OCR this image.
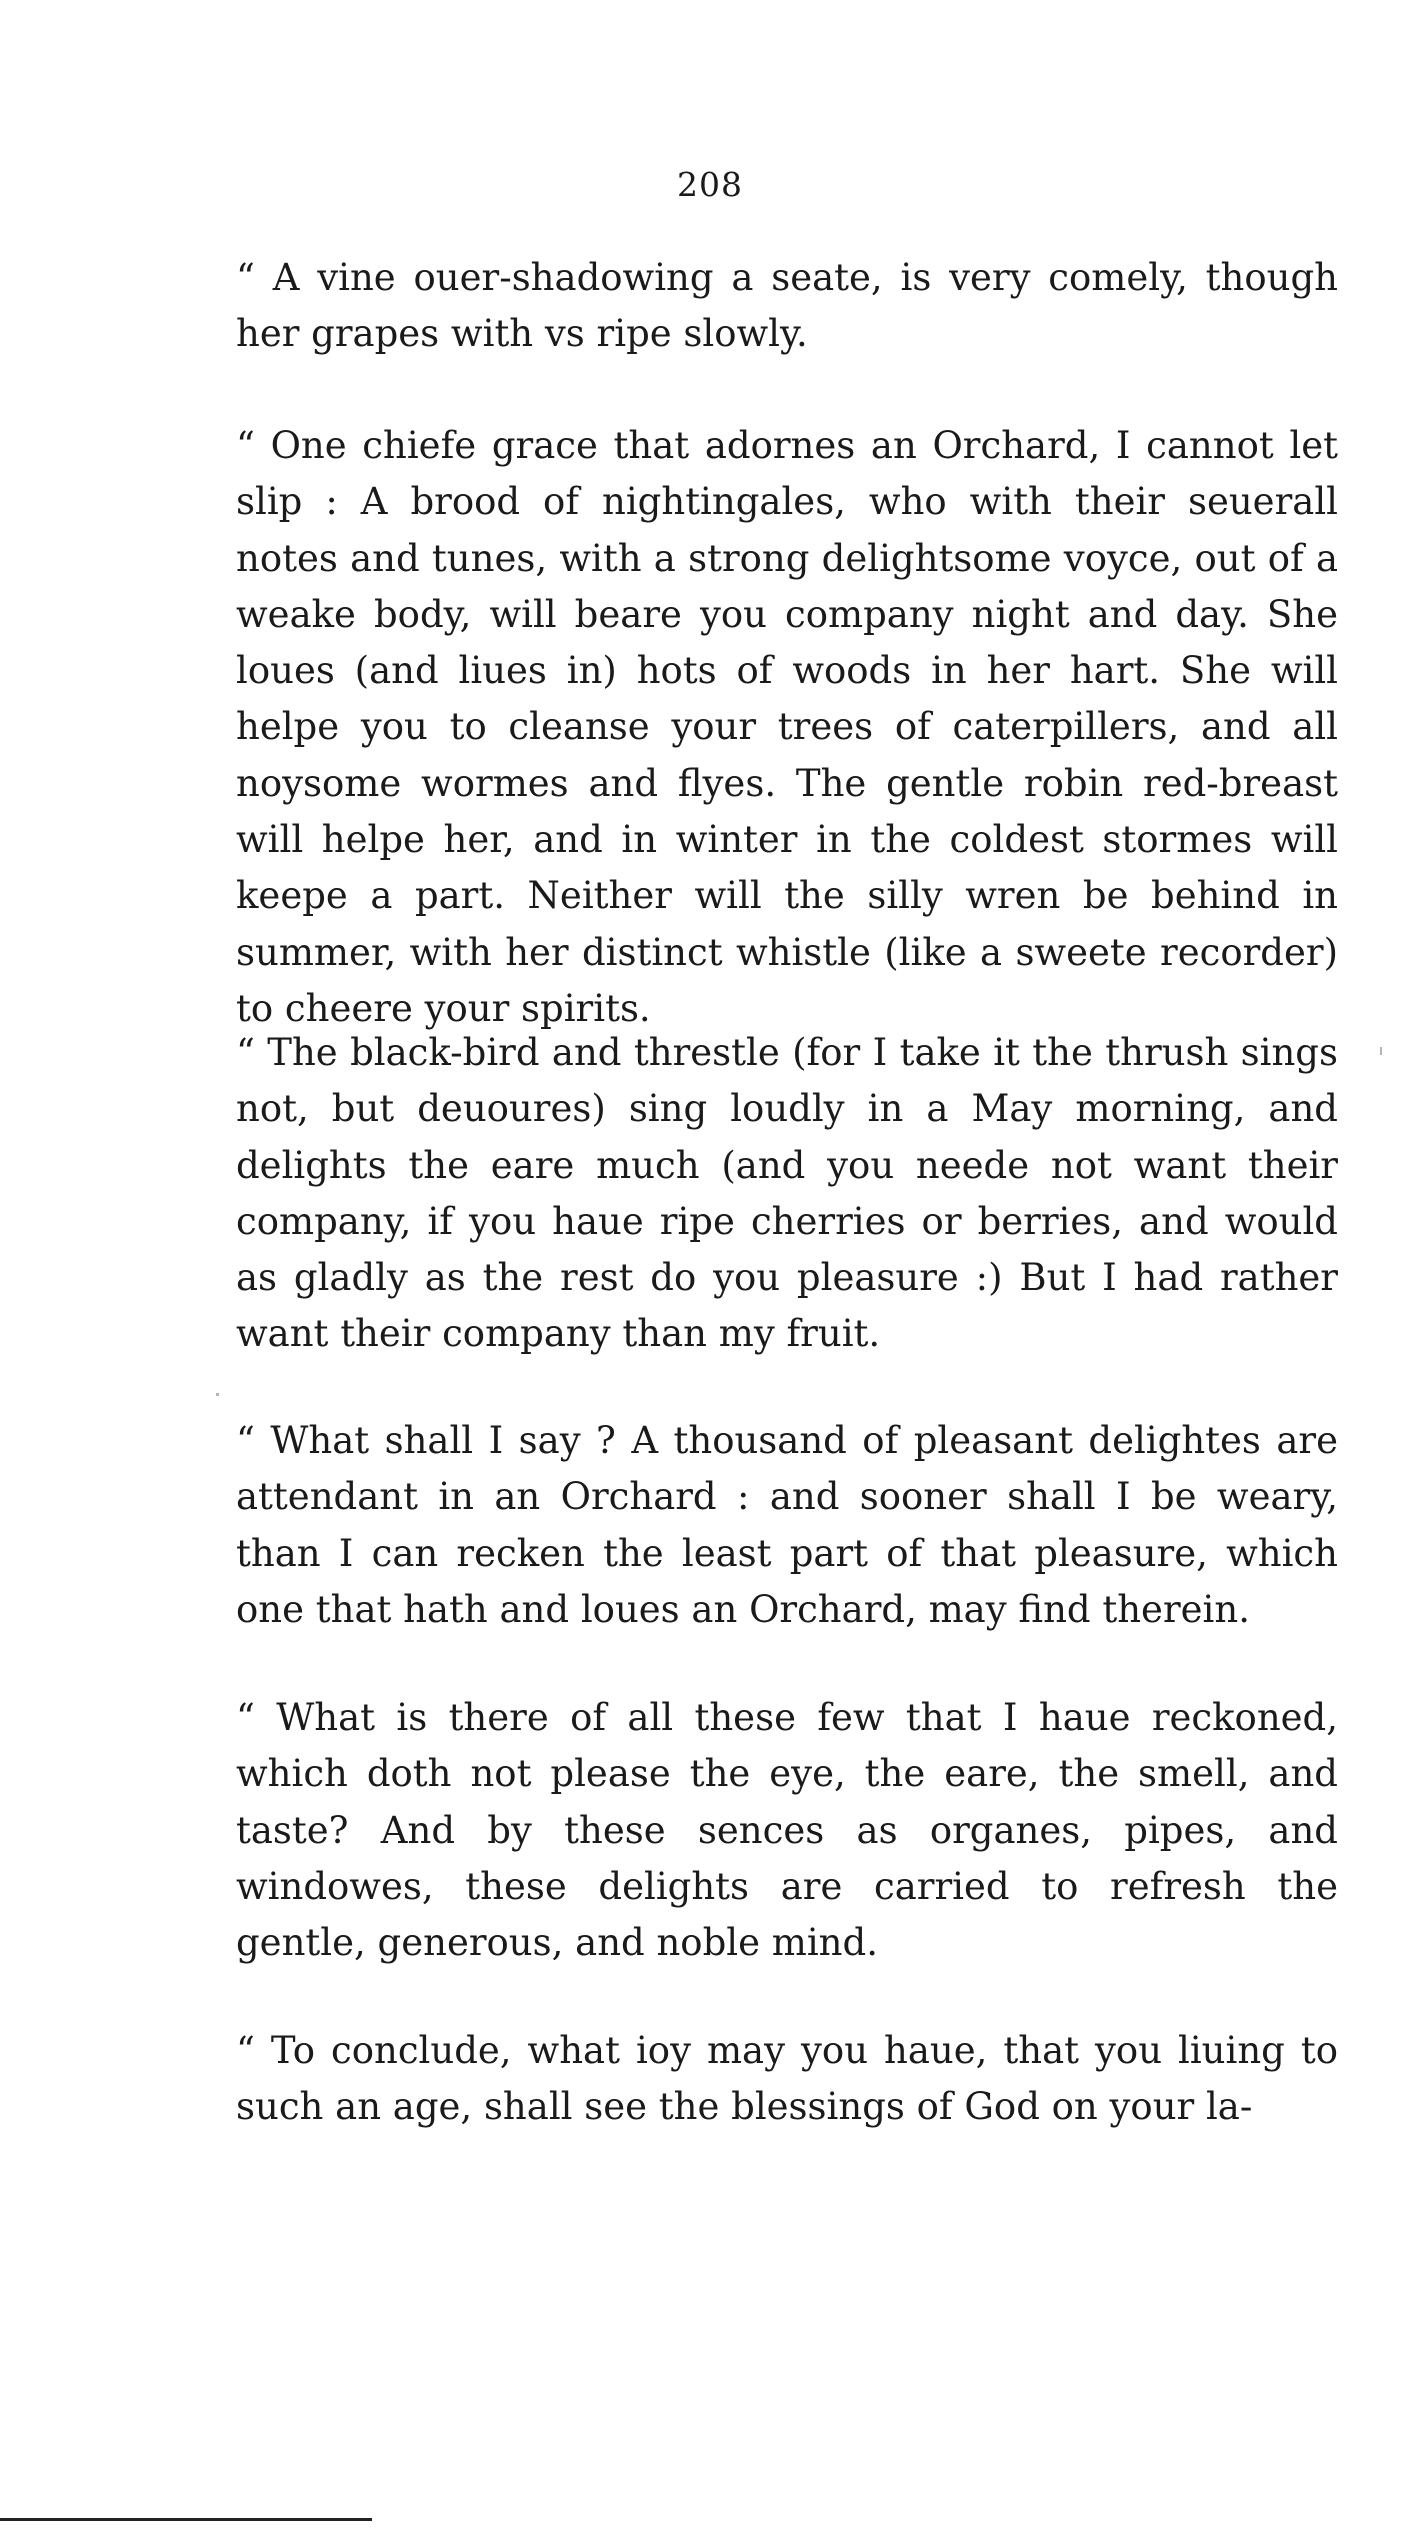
208

“ A vine ouer-shadowing a seate, is very comely, though her grapes with vs ripe slowly.

“ One chiefe grace that adornes an Orchard, I cannot let slip : A brood of nightingales, who with their seuerall notes and tunes, with a strong delightsome voyce, out of a weake body, will beare you company night and day. She loues (and liues in) hots of woods in her hart. She will helpe you to cleanse your trees of caterpillers, and all noysome wormes and flyes. The gentle robin red-breast will helpe her, and in winter in the coldest stormes will keepe a part. Neither will the silly wren be behind in summer, with her distinct whistle (like a sweete recorder) to cheere your spirits.

“ The black-bird and threstle (for I take it the thrush sings not, but deuoures) sing loudly in a May morning, and delights the eare much (and you neede not want their company, if you haue ripe cherries or berries, and would as gladly as the rest do you pleasure :) But I had rather want their company than my fruit.

“ What shall I say ? A thousand of pleasant delightes are attendant in an Orchard : and sooner shall I be weary, than I can recken the least part of that pleasure, which one that hath and loues an Orchard, may find therein.

“ What is there of all these few that I haue reckoned, which doth not please the eye, the eare, the smell, and taste? And by these sences as organes, pipes, and windowes, these delights are carried to refresh the gentle, generous, and noble mind.

“ To conclude, what ioy may you haue, that you liuing to such an age, shall see the blessings of God on your la-
